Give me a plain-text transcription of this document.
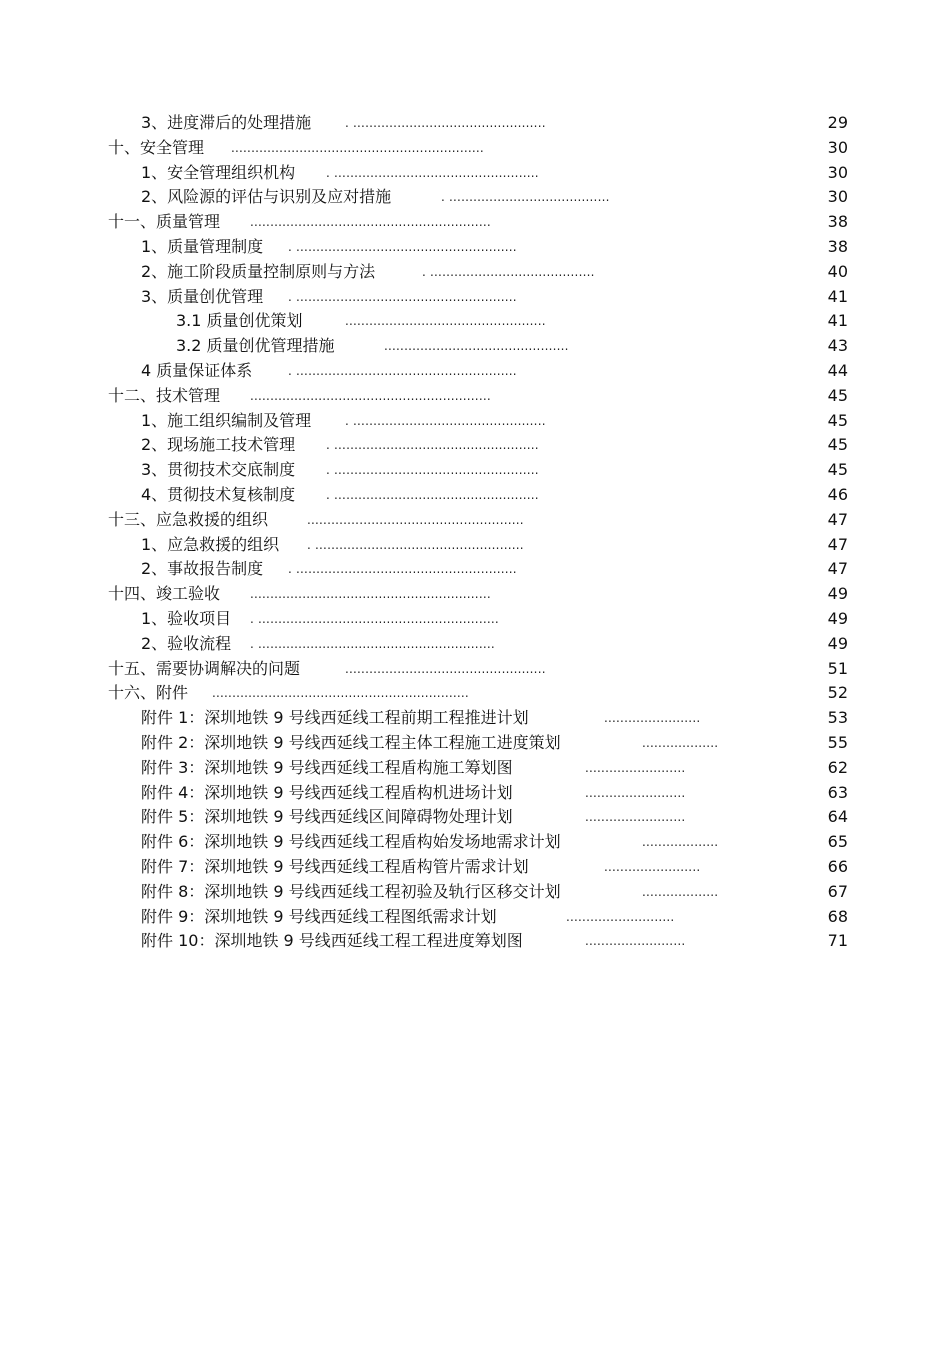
3、进度滞后的处理措施	. ................................................	29
十、安全管理 ...............................................................	30
1、安全管理组织机构	. ...................................................	30
2、风险源的评估与识别及应对措施	. ........................................	30
十一、质量管理 ............................................................	38
1、质量管理制度 . .......................................................	38
2、施工阶段质量控制原则与方法	. .........................................	40
3、质量创优管理 . .......................................................	41
3.1 质量创优策划	..................................................	41
3.2 质量创优管理措施	..............................................	43
4 质量保证体系	. .......................................................	44
十二、技术管理 ............................................................	45
1、施工组织编制及管理	. ................................................	45
2、现场施工技术管理	. ...................................................	45
3、贯彻技术交底制度	. ...................................................	45
4、贯彻技术复核制度	. ...................................................	46
十三、应急救援的组织	......................................................	47
1、应急救援的组织 . ....................................................	47
2、事故报告制度 . .......................................................	47
十四、竣工验收 ............................................................	49
1、验收项目 . ............................................................	49
2、验收流程 . ...........................................................	49
十五、需要协调解决的问题	..................................................	51
十六、附件 ................................................................	52
附件 1：深圳地铁 9 号线西延线工程前期工程推进计划	........................	53
附件 2：深圳地铁 9 号线西延线工程主体工程施工进度策划	...................	55
附件 3：深圳地铁 9 号线西延线工程盾构施工筹划图	.........................	62
附件 4：深圳地铁 9 号线西延线工程盾构机进场计划	.........................	63
附件 5：深圳地铁 9 号线西延线区间障碍物处理计划	.........................	64
附件 6：深圳地铁 9 号线西延线工程盾构始发场地需求计划	...................	65
附件 7：深圳地铁 9 号线西延线工程盾构管片需求计划	........................	66
附件 8：深圳地铁 9 号线西延线工程初验及轨行区移交计划	...................	67
附件 9：深圳地铁 9 号线西延线工程图纸需求计划	...........................	68
附件 10：深圳地铁 9 号线西延线工程工程进度筹划图	.........................	71
